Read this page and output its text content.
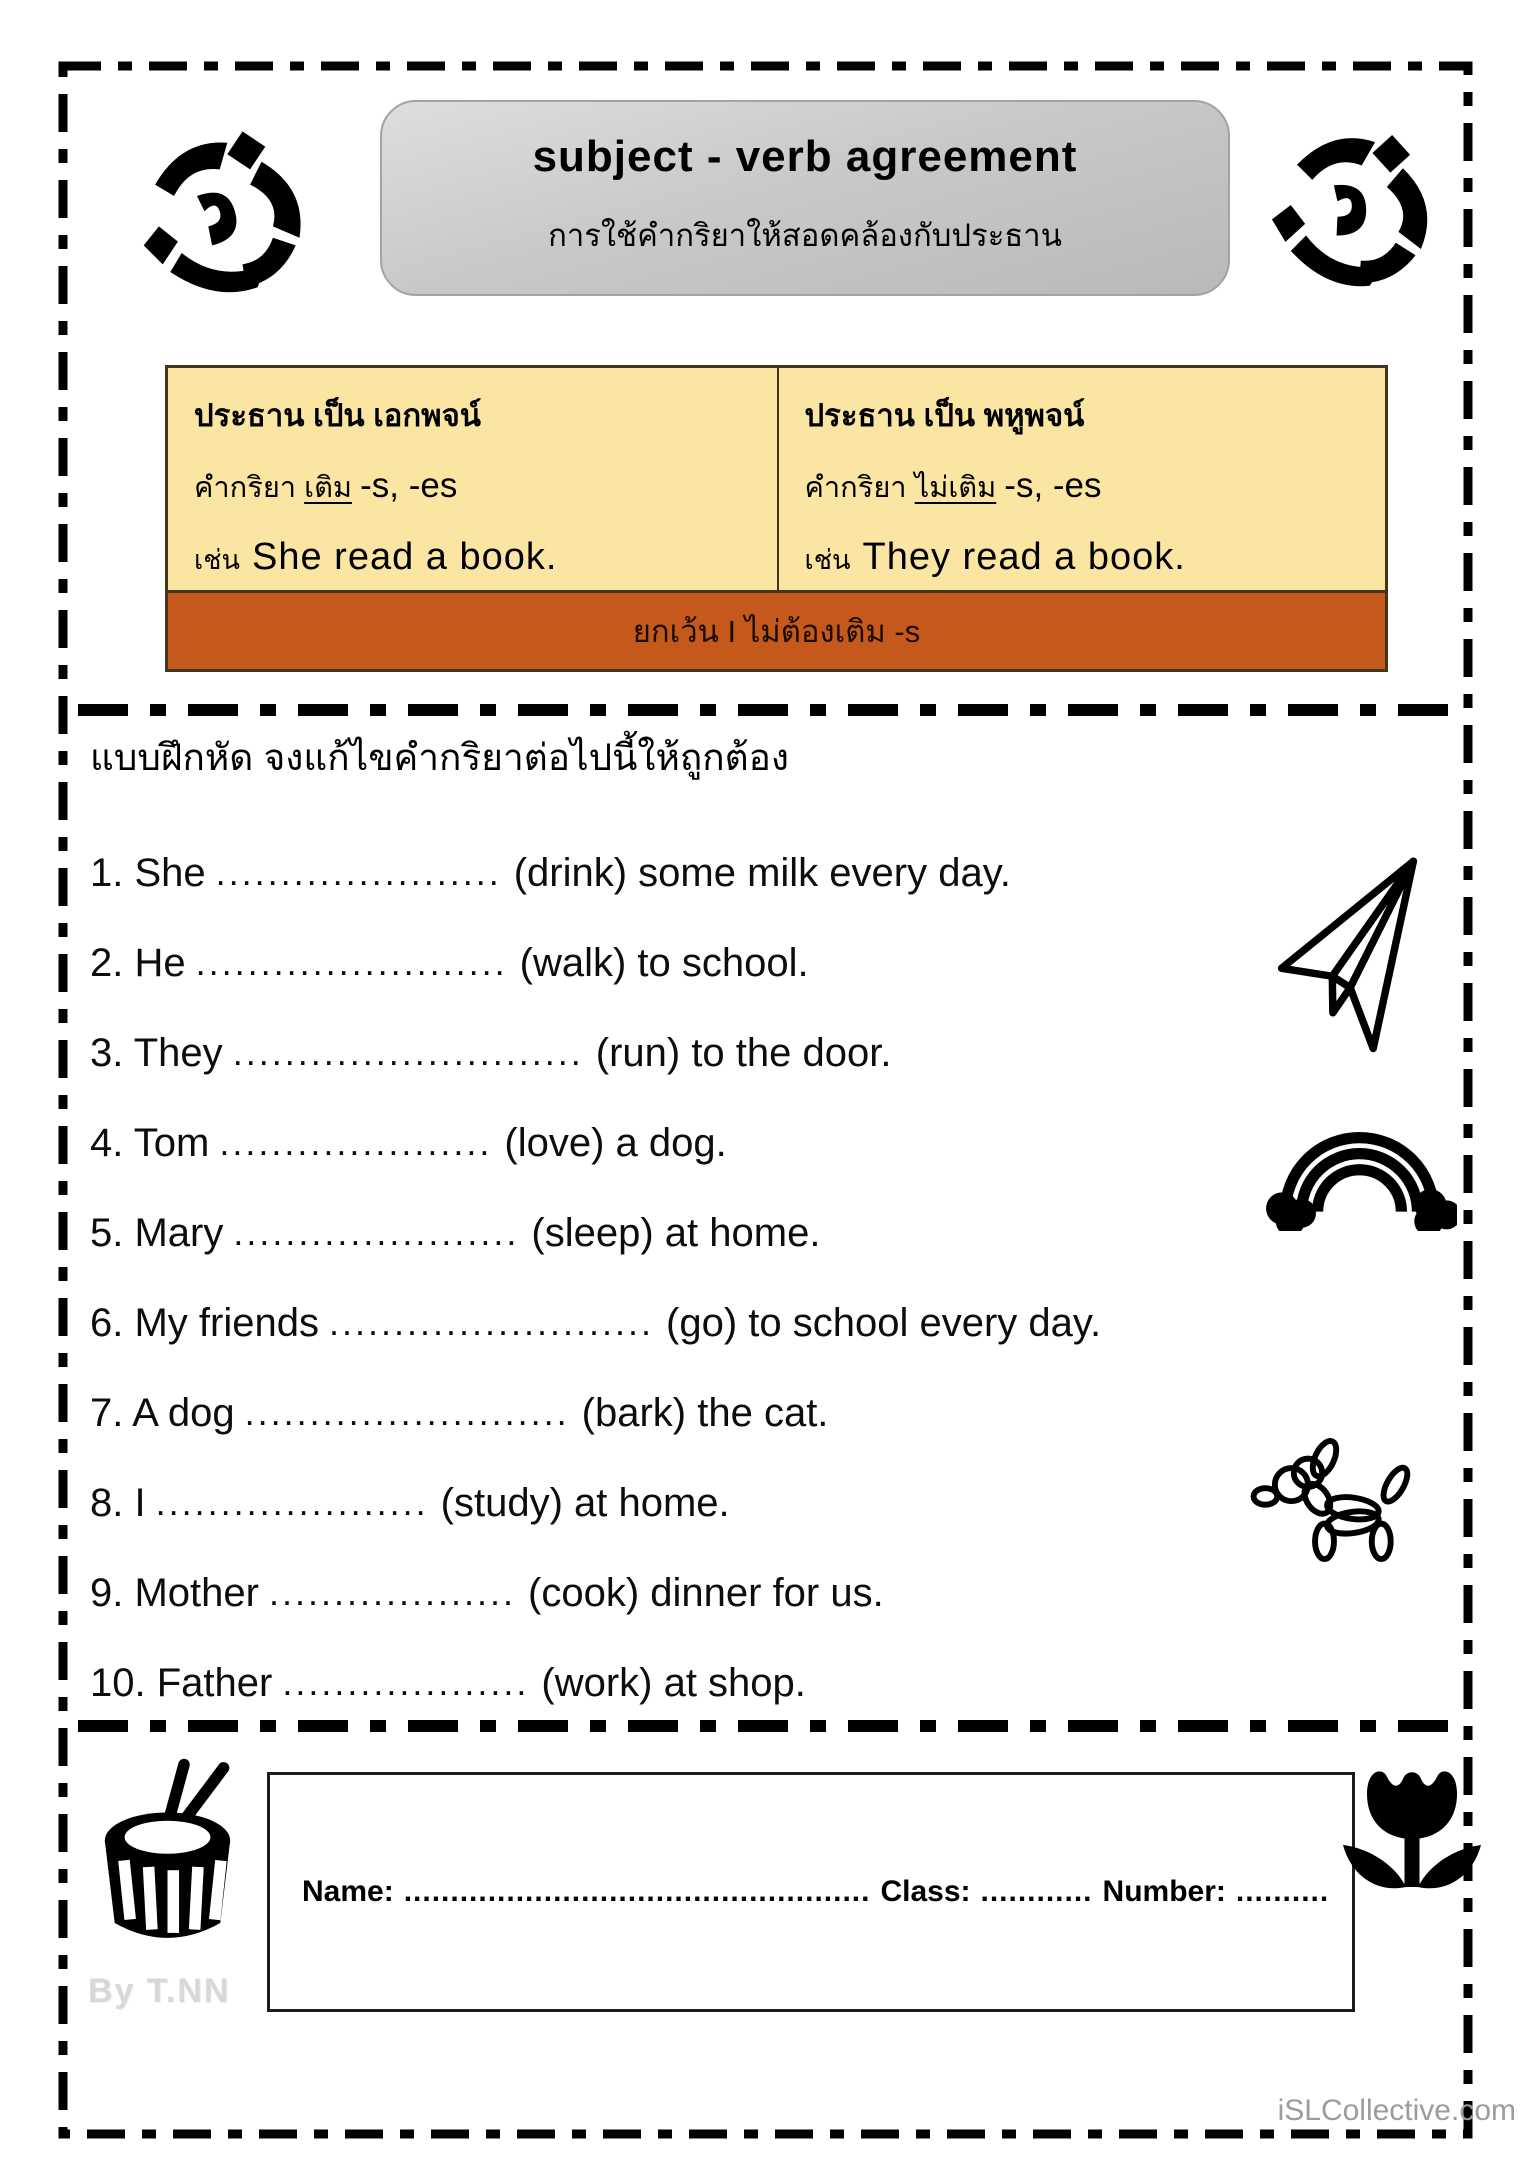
subject - verb agreement
การใช้คำกริยาให้สอดคล้องกับประธาน
ประธาน เป็น เอกพจน์
คำกริยา เติม -s, -es
เช่น She read a book.
ประธาน เป็น พหูพจน์
คำกริยา ไม่เติม -s, -es
เช่น They read a book.
ยกเว้น I ไม่ต้องเติม -s
แบบฝึกหัด จงแก้ไขคำกริยาต่อไปนี้ให้ถูกต้อง
1. She ...................... (drink) some milk every day.
2. He ........................ (walk) to school.
3. They ........................... (run) to the door.
4. Tom ..................... (love) a dog.
5. Mary ...................... (sleep) at home.
6. My friends ......................... (go) to school every day.
7. A dog ......................... (bark) the cat.
8. I ..................... (study) at home.
9. Mother ................... (cook) dinner for us.
10. Father ................... (work) at shop.
By T.NN
Name: .................................................. Class: ............ Number: ..........
iSLCollective.com
